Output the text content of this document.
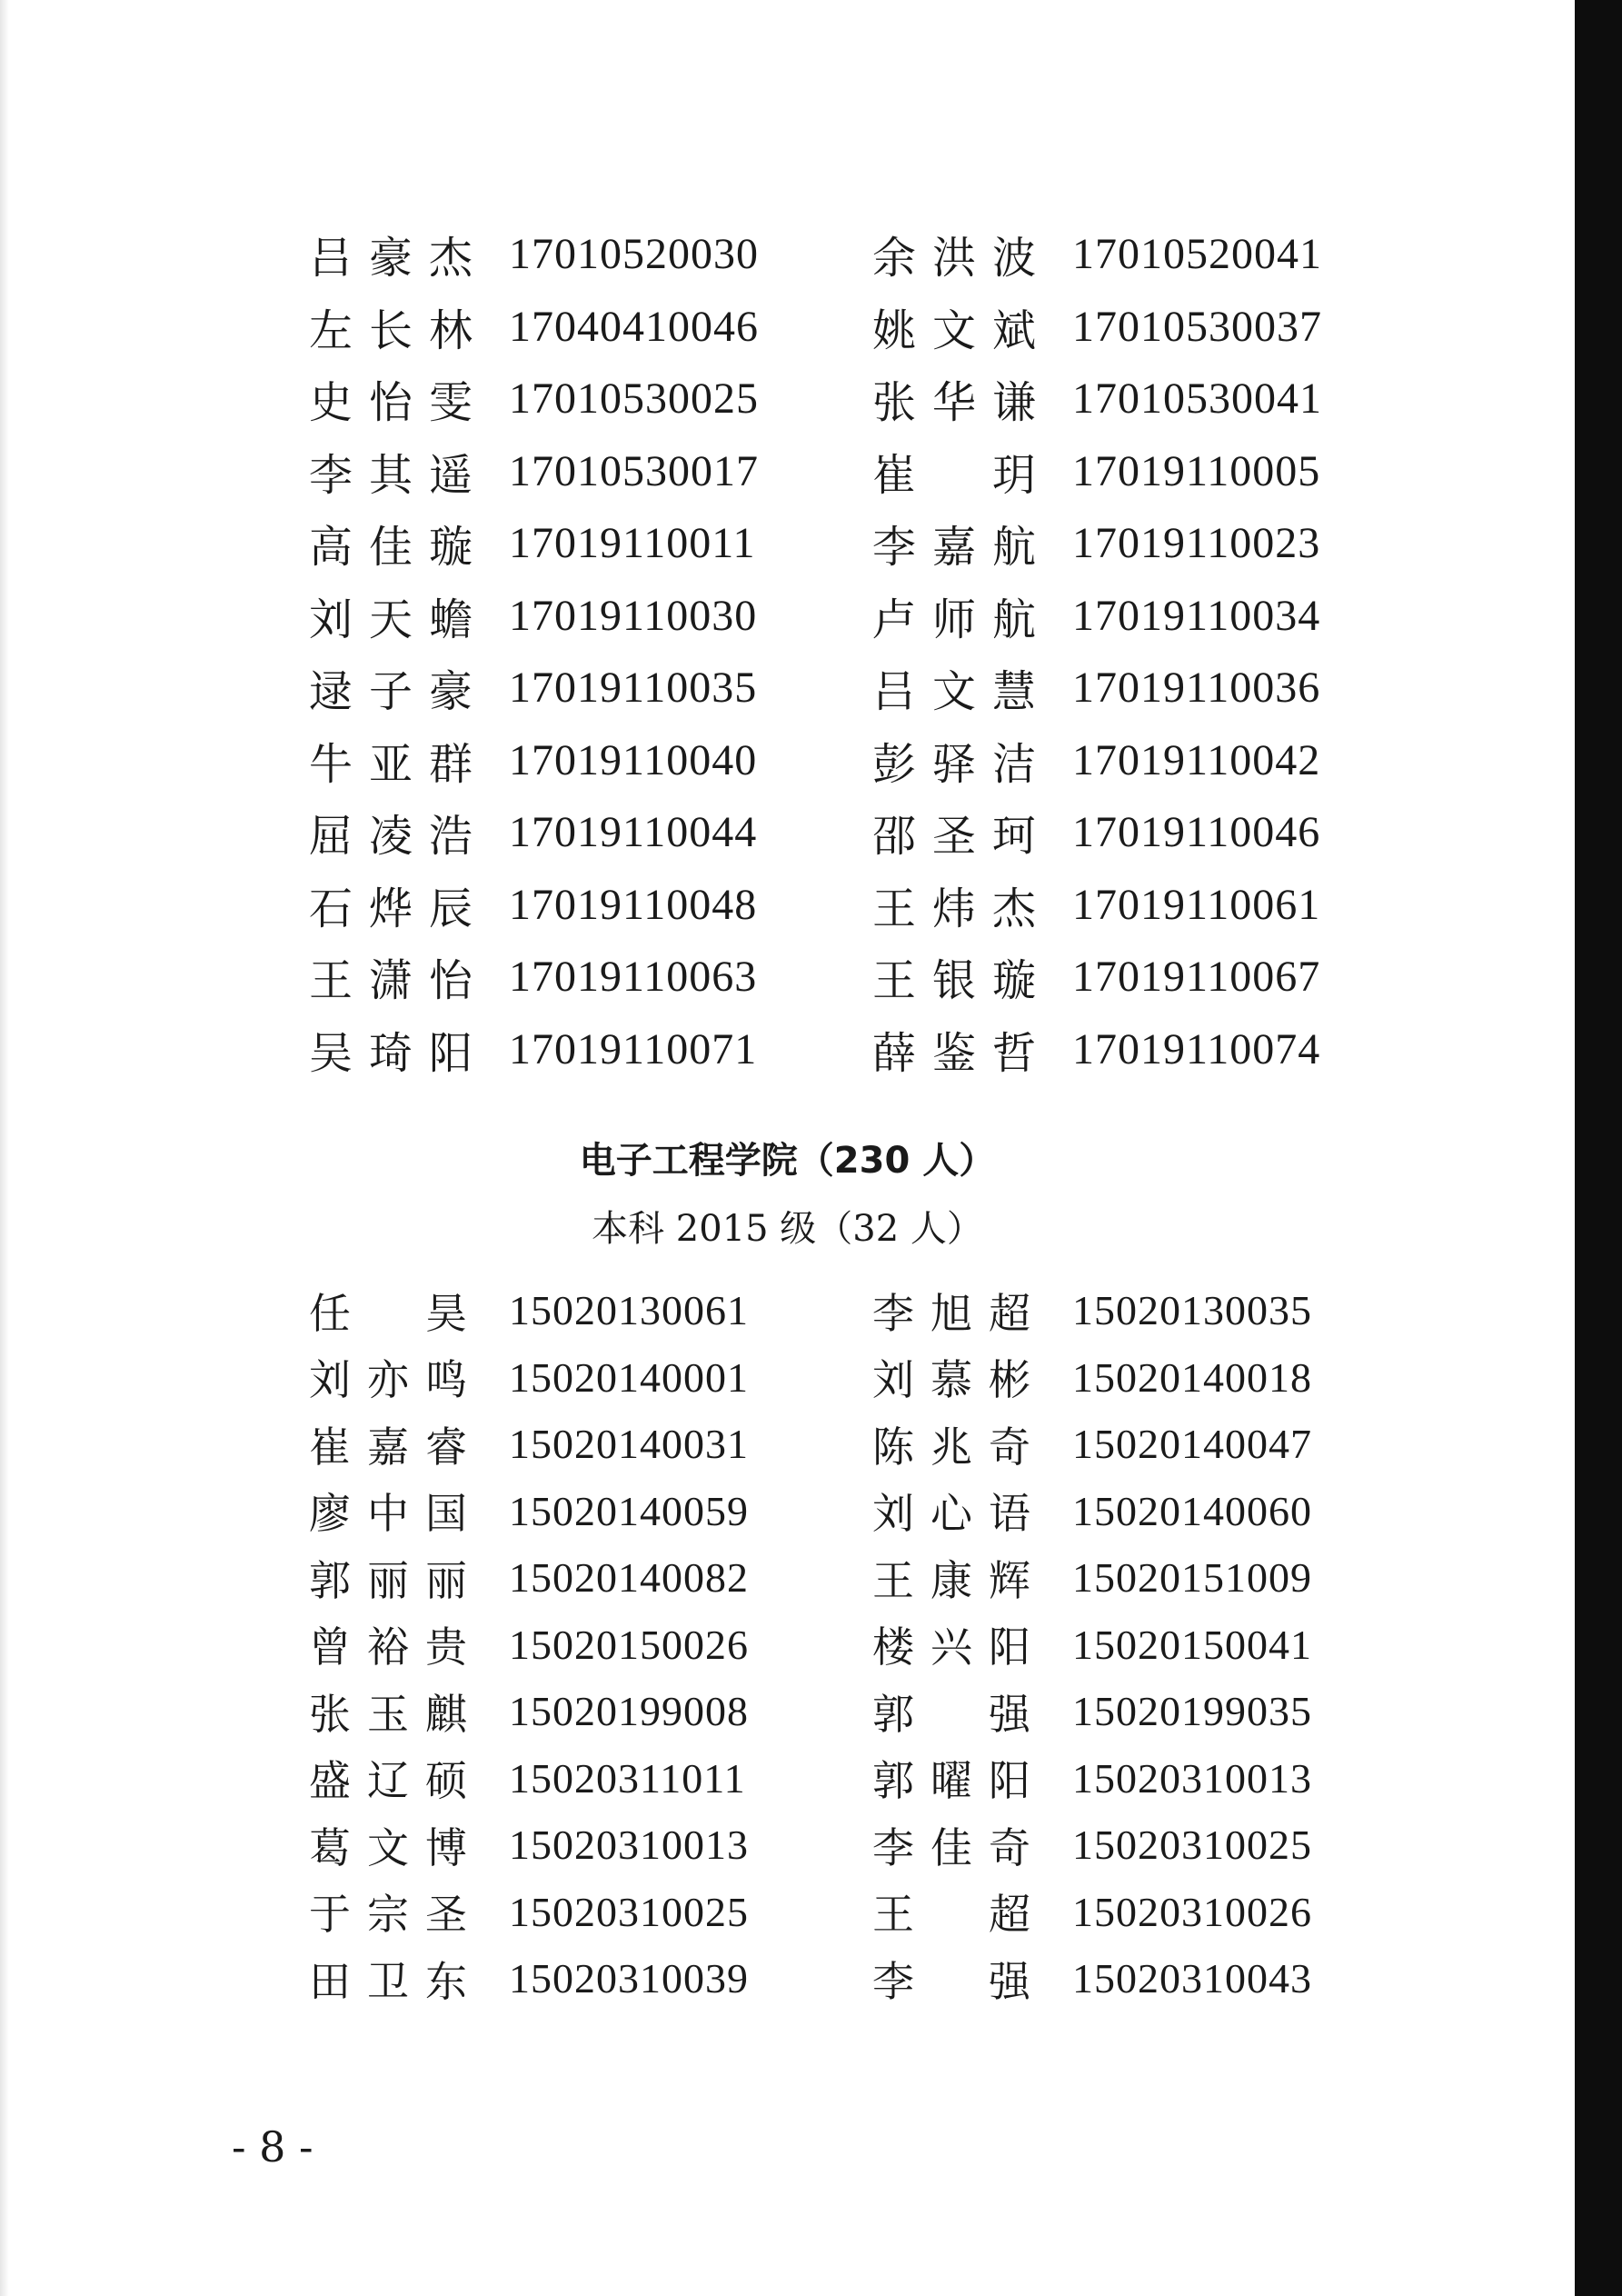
吕豪杰 17010520030
左长林 17040410046
史怡雯 17010530025
李其遥 17010530017
高佳璇 17019110011
刘天蟾 17019110030
逯子豪 17019110035
牛亚群 17019110040
屈凌浩 17019110044
石烨辰 17019110048
王潇怡 17019110063
吴琦阳 17019110071
余洪波 17010520041
姚文斌 17010530037
张华谦 17010530041
崔　玥 17019110005
李嘉航 17019110023
卢师航 17019110034
吕文慧 17019110036
彭驿洁 17019110042
邵圣珂 17019110046
王炜杰 17019110061
王银璇 17019110067
薛鉴哲 17019110074
电子工程学院（230 人）
本科 2015 级（32 人）
任　昊 15020130061
刘亦鸣 15020140001
崔嘉睿 15020140031
廖中国 15020140059
郭丽丽 15020140082
曾裕贵 15020150026
张玉麒 15020199008
盛辽硕 15020311011
葛文博 15020310013
于宗圣 15020310025
田卫东 15020310039
李旭超 15020130035
刘慕彬 15020140018
陈兆奇 15020140047
刘心语 15020140060
王康辉 15020151009
楼兴阳 15020150041
郭　强 15020199035
郭曜阳 15020310013
李佳奇 15020310025
王　超 15020310026
李　强 15020310043
- 8 -
